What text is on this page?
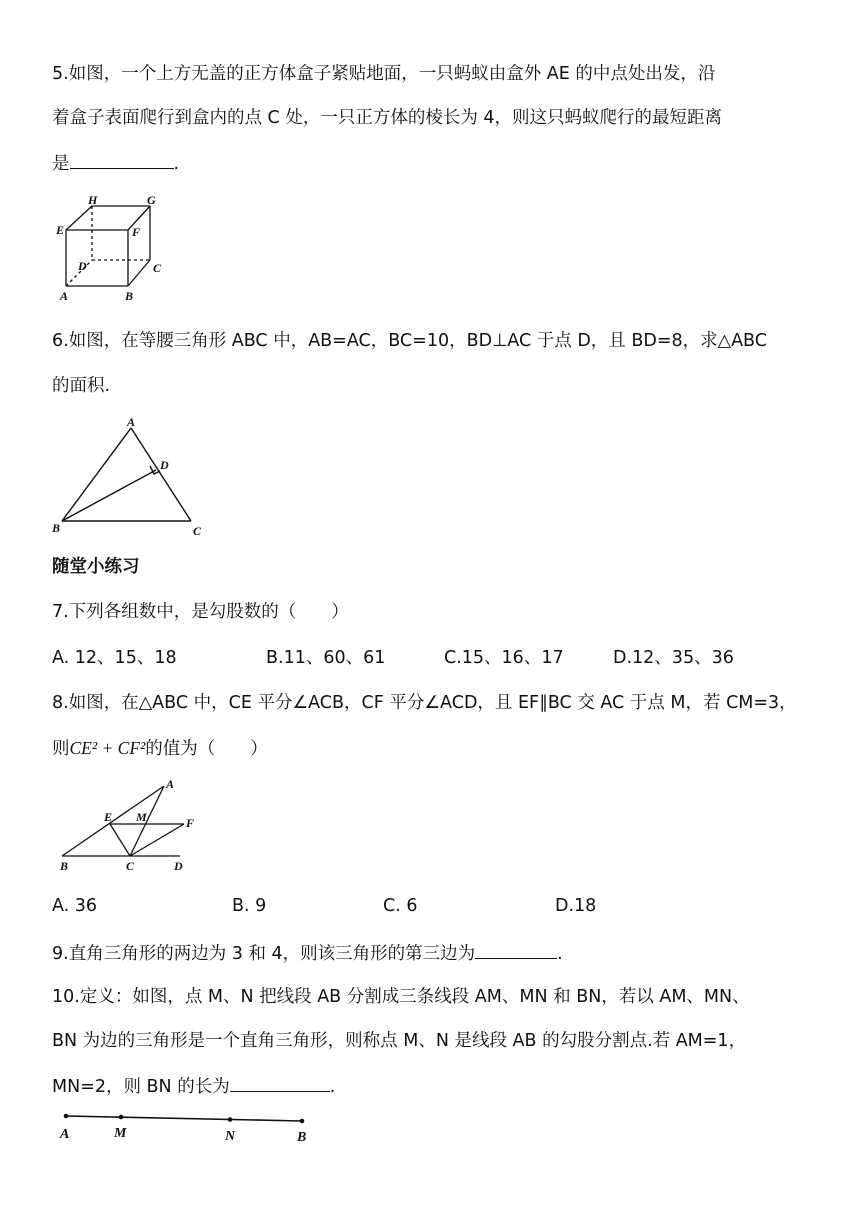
5.如图，一个上方无盖的正方体盒子紧贴地面，一只蚂蚁由盒外 AE 的中点处出发，沿
着盒子表面爬行到盒内的点 C 处，一只正方体的棱长为 4，则这只蚂蚁爬行的最短距离
是	.
H	G
E	F
D	C
A	B
6.如图，在等腰三角形 ABC 中，AB=AC，BC=10，BD⊥AC 于点 D，且 BD=8，求△ABC
的面积.
A
D
B	C
随堂小练习
7.下列各组数中，是勾股数的（　　）
A. 12、15、18	B.11、60、61	C.15、16、17	D.12、35、36
8.如图，在△ABC 中，CE 平分∠ACB，CF 平分∠ACD，且 EF∥BC 交 AC 于点 M，若 CM=3，
则CE² + CF²的值为（　　）
A
E M	F
B	C	D
A. 36	B. 9	C. 6	D.18
9.直角三角形的两边为 3 和 4，则该三角形的第三边为	.
10.定义：如图，点 M、N 把线段 AB 分割成三条线段 AM、MN 和 BN，若以 AM、MN、
BN 为边的三角形是一个直角三角形，则称点 M、N 是线段 AB 的勾股分割点.若 AM=1，
MN=2，则 BN 的长为	.
A	M	N	B
